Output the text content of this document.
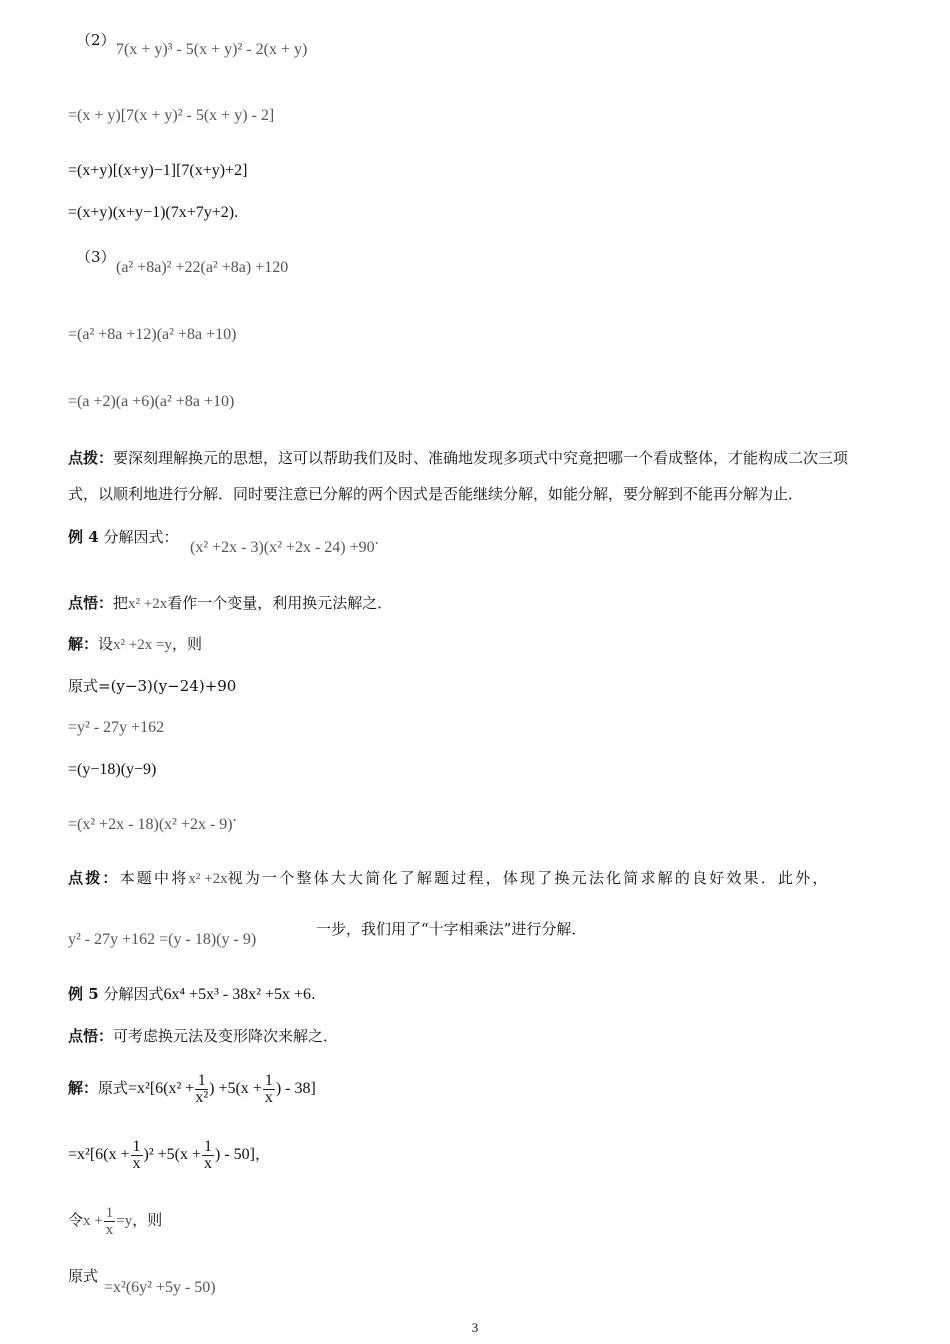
（2）
7(x + y)³ - 5(x + y)² - 2(x + y)
=(x + y)[7(x + y)² - 5(x + y) - 2]
=(x+y)[(x+y)−1][7(x+y)+2]
=(x+y)(x+y−1)(7x+7y+2).
（3）
(a² +8a)² +22(a² +8a) +120
=(a² +8a +12)(a² +8a +10)
=(a +2)(a +6)(a² +8a +10)
点拨：要深刻理解换元的思想，这可以帮助我们及时、准确地发现多项式中究竟把哪一个看成整体，才能构成二次三项
式，以顺利地进行分解．同时要注意已分解的两个因式是否能继续分解，如能分解，要分解到不能再分解为止．
例 4 分解因式：
(x² +2x - 3)(x² +2x - 24) +90.
点悟：把x² +2x看作一个变量，利用换元法解之．
解：设x² +2x =y，则
原式=(y−3)(y−24)+90
=y² - 27y +162
=(y−18)(y−9)
=(x² +2x - 18)(x² +2x - 9).
点拨：本题中将x² +2x视为一个整体大大简化了解题过程，体现了换元法化简求解的良好效果．此外，
y² - 27y +162 =(y - 18)(y - 9)
一步，我们用了“十字相乘法”进行分解．
例 5 分解因式6x⁴ +5x³ - 38x² +5x +6.
点悟：可考虑换元法及变形降次来解之．
解：原式$=x^2[6(x^2 + \frac{1}{\text{x²}}$ ) $+5(x + \frac{1}{x}$ ) - 38]
$=x^2[6(x + \frac{1}{x} )^2 +5(x + \frac{1}{x}$ ) - 50]，
令$x + \frac{1}{x} =y$，则
原式
=x²(6y² +5y - 50)
3
